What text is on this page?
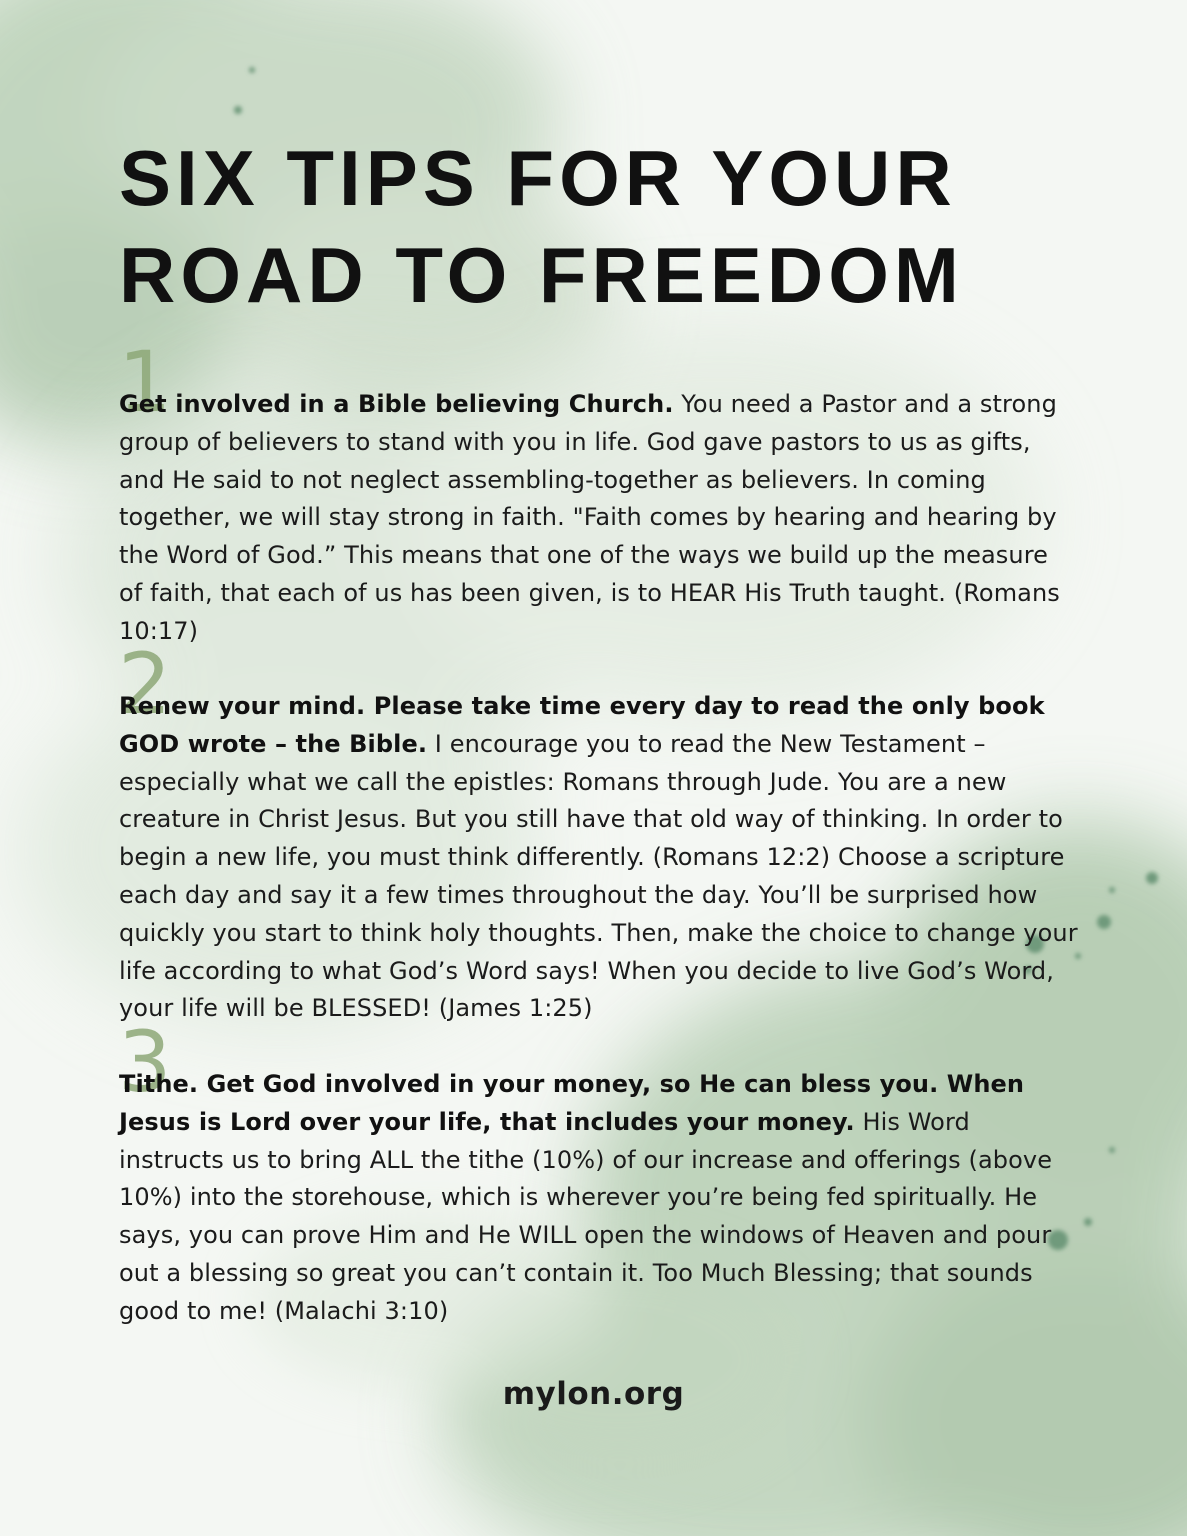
SIX TIPS FOR YOUR
ROAD TO FREEDOM
1

Get involved in a Bible believing Church. You need a Pastor and a strong group of believers to stand with you in life. God gave pastors to us as gifts, and He said to not neglect assembling-together as believers. In coming together, we will stay strong in faith. "Faith comes by hearing and hearing by the Word of God.” This means that one of the ways we build up the measure of faith, that each of us has been given, is to HEAR His Truth taught. (Romans 10:17)

2

Renew your mind. Please take time every day to read the only book GOD wrote – the Bible. I encourage you to read the New Testament – especially what we call the epistles: Romans through Jude. You are a new creature in Christ Jesus. But you still have that old way of thinking. In order to begin a new life, you must think differently. (Romans 12:2) Choose a scripture each day and say it a few times throughout the day. You’ll be surprised how quickly you start to think holy thoughts. Then, make the choice to change your life according to what God’s Word says! When you decide to live God’s Word, your life will be BLESSED! (James 1:25)

3

Tithe. Get God involved in your money, so He can bless you. When Jesus is Lord over your life, that includes your money. His Word instructs us to bring ALL the tithe (10%) of our increase and offerings (above 10%) into the storehouse, which is wherever you’re being fed spiritually. He says, you can prove Him and He WILL open the windows of Heaven and pour out a blessing so great you can’t contain it. Too Much Blessing; that sounds good to me! (Malachi 3:10)

mylon.org
